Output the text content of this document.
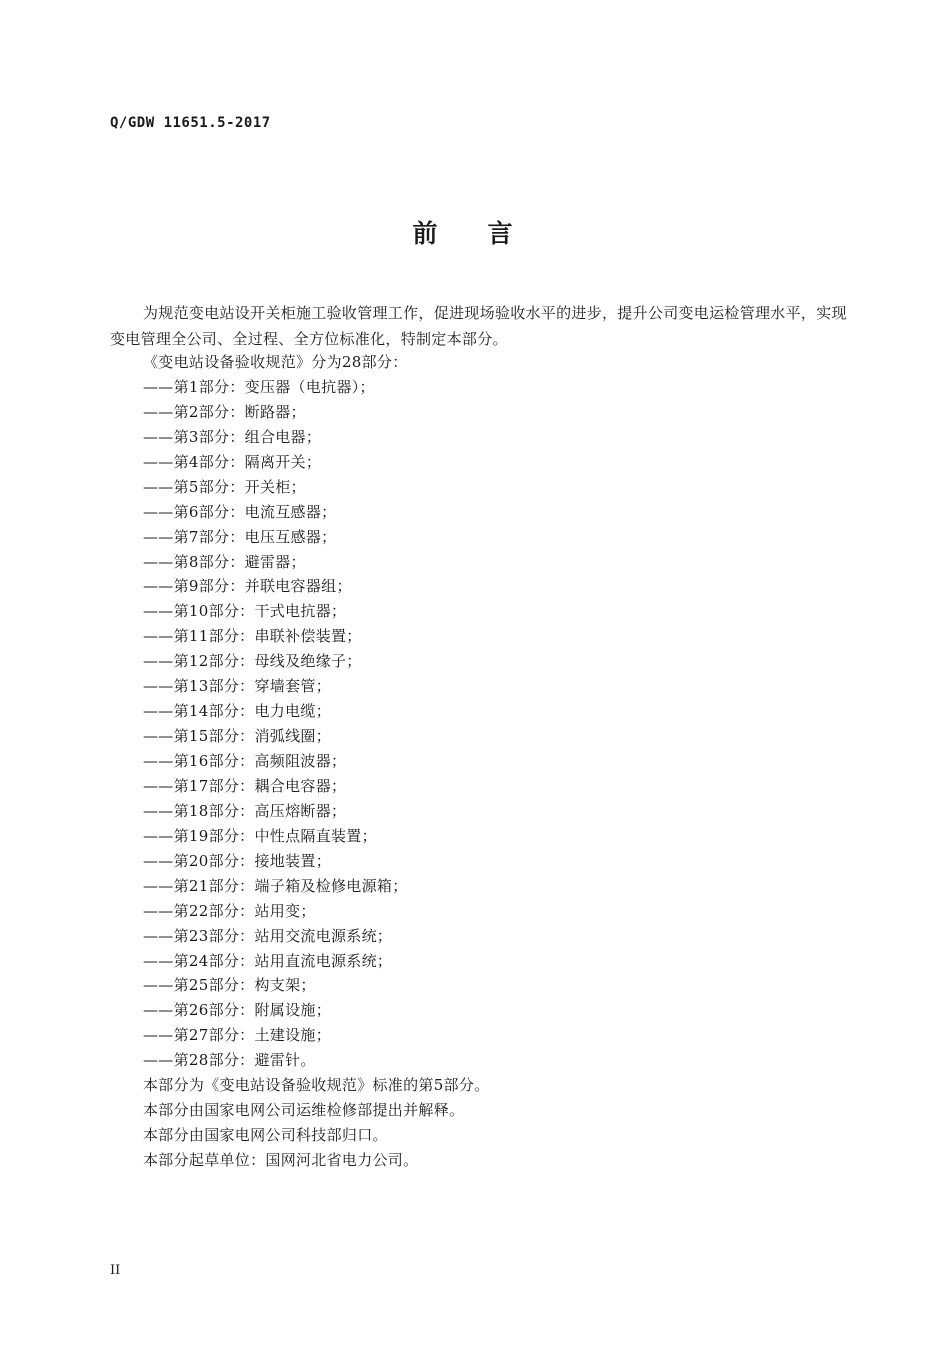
Q/GDW 11651.5-2017
前言
为规范变电站设开关柜施工验收管理工作，促进现场验收水平的进步，提升公司变电运检管理水平，实现变电管理全公司、全过程、全方位标准化，特制定本部分。
《变电站设备验收规范》分为28部分：
——第1部分：变压器（电抗器）；
——第2部分：断路器；
——第3部分：组合电器；
——第4部分：隔离开关；
——第5部分：开关柜；
——第6部分：电流互感器；
——第7部分：电压互感器；
——第8部分：避雷器；
——第9部分：并联电容器组；
——第10部分：干式电抗器；
——第11部分：串联补偿装置；
——第12部分：母线及绝缘子；
——第13部分：穿墙套管；
——第14部分：电力电缆；
——第15部分：消弧线圈；
——第16部分：高频阻波器；
——第17部分：耦合电容器；
——第18部分：高压熔断器；
——第19部分：中性点隔直装置；
——第20部分：接地装置；
——第21部分：端子箱及检修电源箱；
——第22部分：站用变；
——第23部分：站用交流电源系统；
——第24部分：站用直流电源系统；
——第25部分：构支架；
——第26部分：附属设施；
——第27部分：土建设施；
——第28部分：避雷针。
本部分为《变电站设备验收规范》标准的第5部分。
本部分由国家电网公司运维检修部提出并解释。
本部分由国家电网公司科技部归口。
本部分起草单位：国网河北省电力公司。
II
